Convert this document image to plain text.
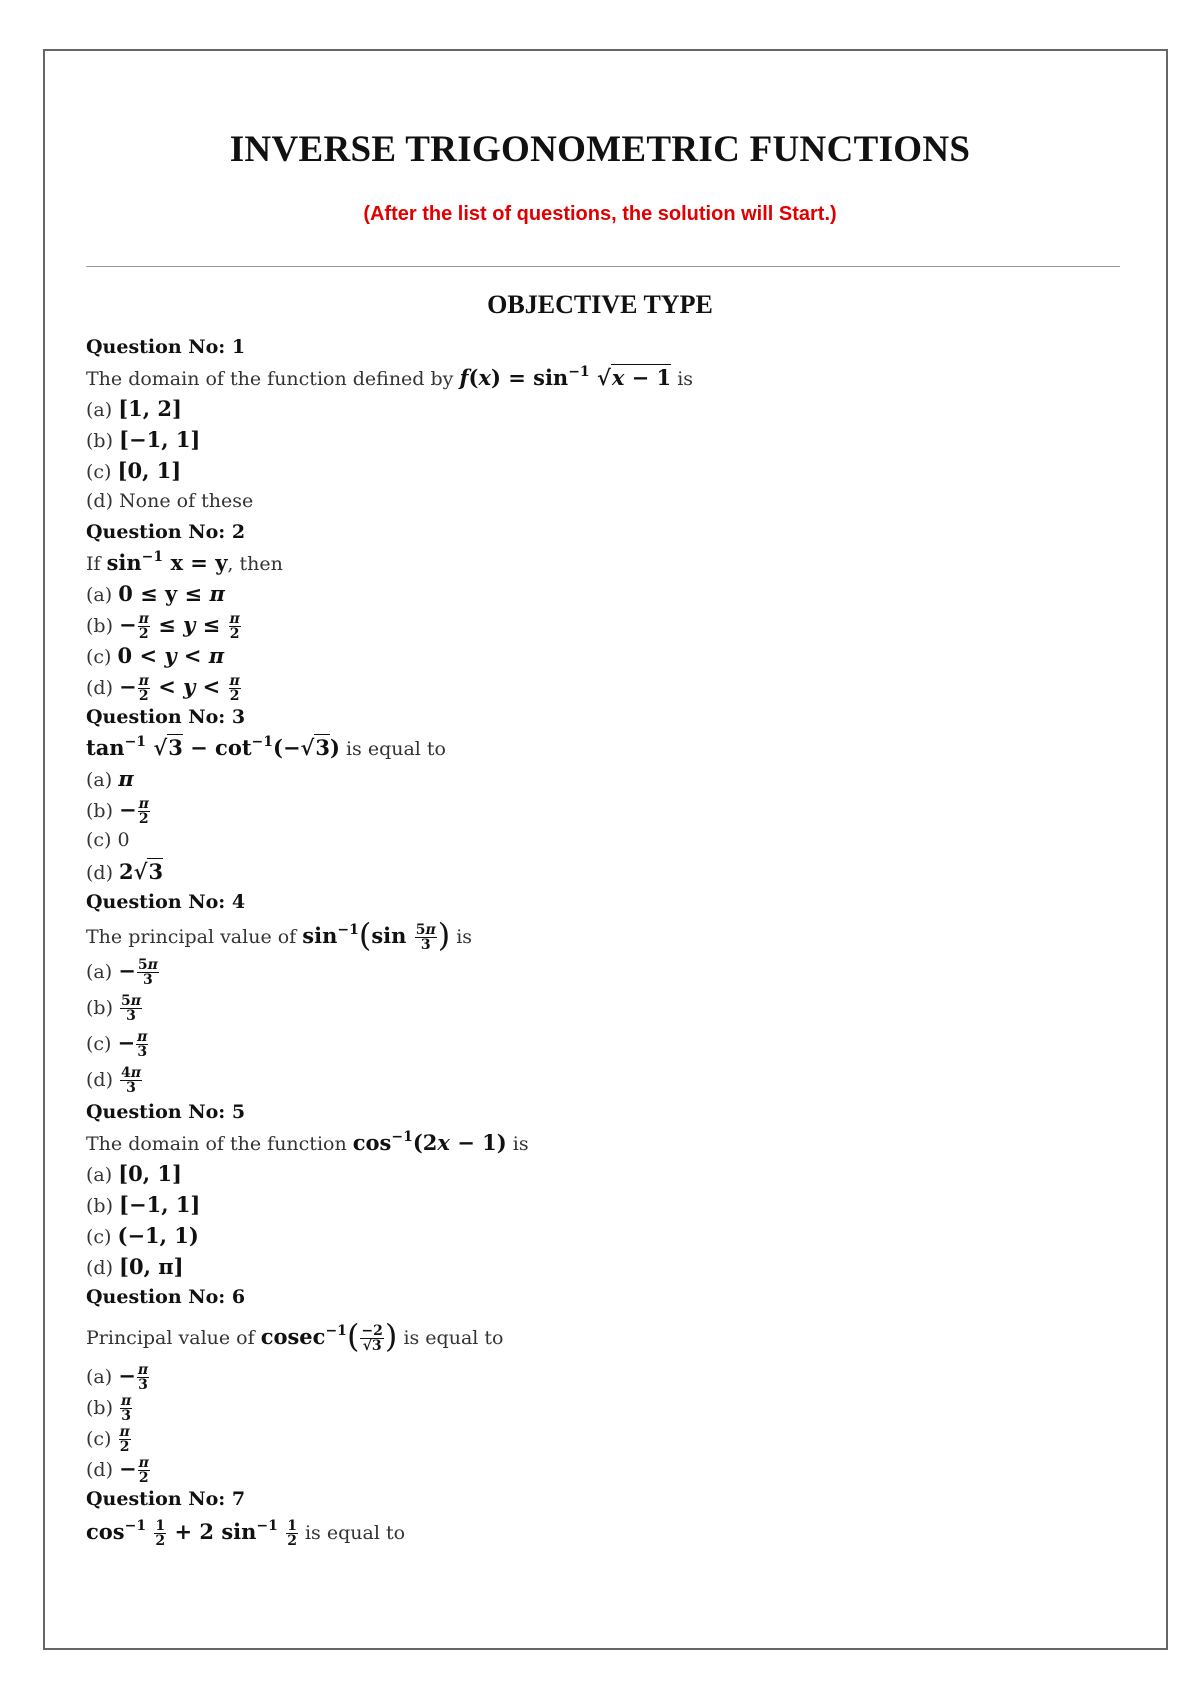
INVERSE TRIGONOMETRIC FUNCTIONS
(After the list of questions, the solution will Start.)
OBJECTIVE TYPE
Question No: 1
The domain of the function defined by $f(x) = \sin^{-1} √x - 1$ is
(a) [1, 2]
(b) [−1, 1]
(c) [0, 1]
(d) None of these
Question No: 2
If $\sin^{-1} x = y$, then
(a) 0 ≤ y ≤ π
$(b) - \frac{\pi}{2} \le y \le \frac{\pi}{2}$
(c) 0 < y < π
$(d) - \frac{\pi}{2} < y < \frac{\pi}{2}$
Question No: 3
$\tan^{-1} √3 - \cot^{-1}(-√3)$ is equal to
(a) π
$(b) - \frac{\pi}{2}$
(c) 0
(d) 2√3
Question No: 4
The principal value of $\sin^{-1}(\sin \frac{5\pi}{3}$ ) is
$(a) - \frac{5\pi}{3}$
$(b) \frac{5\pi}{3}$
$(c) - \frac{\pi}{3}$
$(d) \frac{4\pi}{3}$
Question No: 5
The domain of the function $\cos^{-1}(2x - 1)$ is
(a) [0, 1]
(b) [−1, 1]
(c) (−1, 1)
(d) [0, π]
Question No: 6
Principal value of $cosec^{-1}( \frac{-2}{√3}$ ) is equal to
$(a) - \frac{\pi}{3}$
$(b) \frac{\pi}{3}$
$(c) \frac{\pi}{2}$
$(d) - \frac{\pi}{2}$
Question No: 7
$\cos^{-1} \frac{1}{2} + 2$ $\sin^{-1} \frac{1}{2}$ is equal to
